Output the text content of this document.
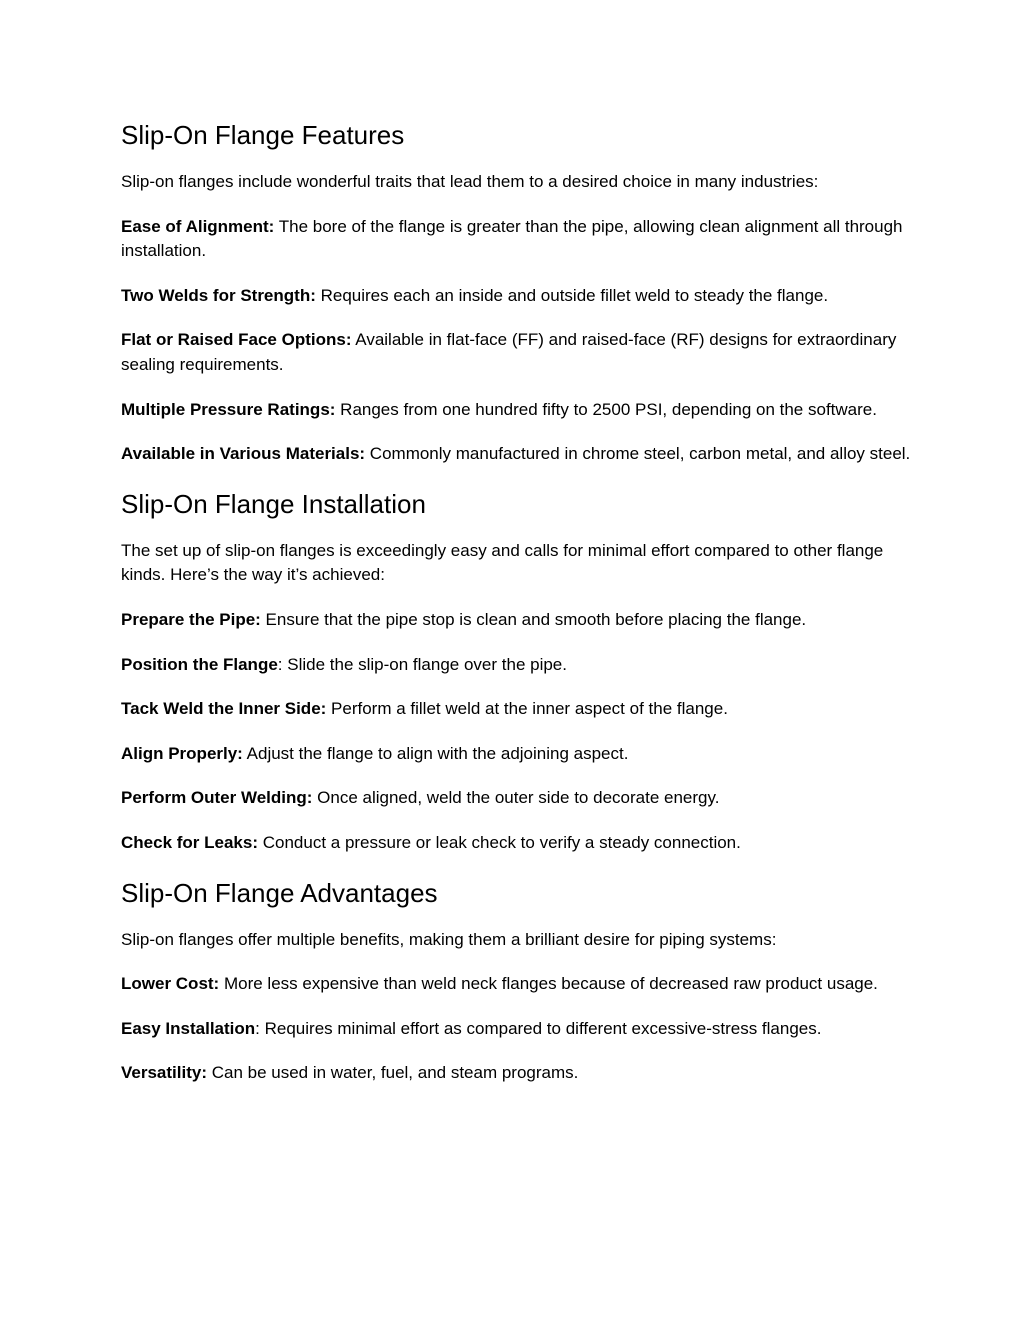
Slip-On Flange Features

Slip-on flanges include wonderful traits that lead them to a desired choice in many industries:

Ease of Alignment: The bore of the flange is greater than the pipe, allowing clean alignment all through installation.

Two Welds for Strength: Requires each an inside and outside fillet weld to steady the flange.

Flat or Raised Face Options: Available in flat-face (FF) and raised-face (RF) designs for extraordinary sealing requirements.

Multiple Pressure Ratings: Ranges from one hundred fifty to 2500 PSI, depending on the software.

Available in Various Materials: Commonly manufactured in chrome steel, carbon metal, and alloy steel.

Slip-On Flange Installation

The set up of slip-on flanges is exceedingly easy and calls for minimal effort compared to other flange kinds. Here’s the way it’s achieved:

Prepare the Pipe: Ensure that the pipe stop is clean and smooth before placing the flange.

Position the Flange: Slide the slip-on flange over the pipe.

Tack Weld the Inner Side: Perform a fillet weld at the inner aspect of the flange.

Align Properly: Adjust the flange to align with the adjoining aspect.

Perform Outer Welding: Once aligned, weld the outer side to decorate energy.

Check for Leaks: Conduct a pressure or leak check to verify a steady connection.

Slip-On Flange Advantages

Slip-on flanges offer multiple benefits, making them a brilliant desire for piping systems:

Lower Cost: More less expensive than weld neck flanges because of decreased raw product usage.

Easy Installation: Requires minimal effort as compared to different excessive-stress flanges.

Versatility: Can be used in water, fuel, and steam programs.
